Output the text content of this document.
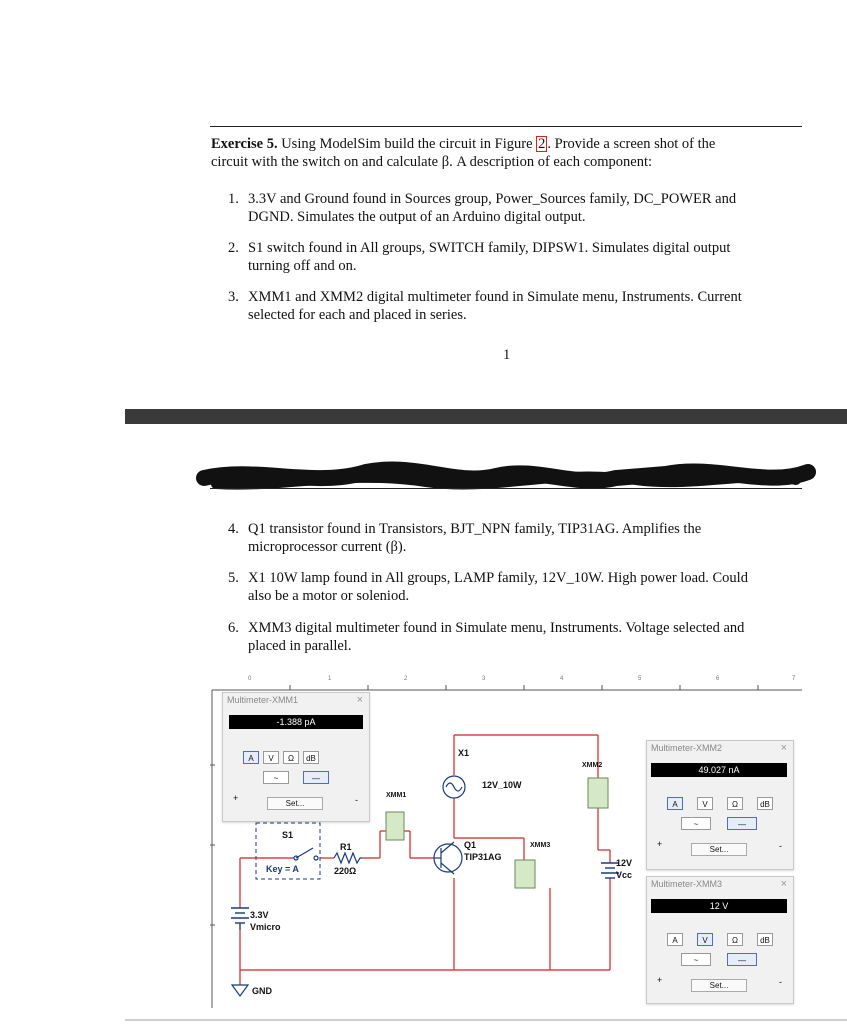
Exercise 5. Using ModelSim build the circuit in Figure 2 . Provide a screen shot of the
circuit with the switch on and calculate β. A description of each component:
1. 3.3V and Ground found in Sources group, Power_Sources family, DC_POWER and
DGND. Simulates the output of an Arduino digital output.
2. S1 switch found in All groups, SWITCH family, DIPSW1. Simulates digital output
turning off and on.
3. XMM1 and XMM2 digital multimeter found in Simulate menu, Instruments. Current
selected for each and placed in series.
1
4. Q1 transistor found in Transistors, BJT_NPN family, TIP31AG. Amplifies the
microprocessor current (β).
5. X1 10W lamp found in All groups, LAMP family, 12V_10W. High power load. Could
also be a motor or soleniod.
6. XMM3 digital multimeter found in Simulate menu, Instruments. Voltage selected and
placed in parallel.
0	1	2	3	4	5	6	7
X1
12V_10W
XMM1
XMM2
XMM3
S1
Key = A
R1
220Ω
Q1
TIP31AG
12V
Vcc
3.3V
Vmicro
GND
Multimeter-XMM1	×
-1.388 pA
A	V	Ω	dB
~	—
+	-
Set...
Multimeter-XMM2	×
49.027 nA
A	V	Ω	dB
~	—
+	-
Set...
Multimeter-XMM3	×
12 V
A	V	Ω	dB
~	—
+	-
Set...
